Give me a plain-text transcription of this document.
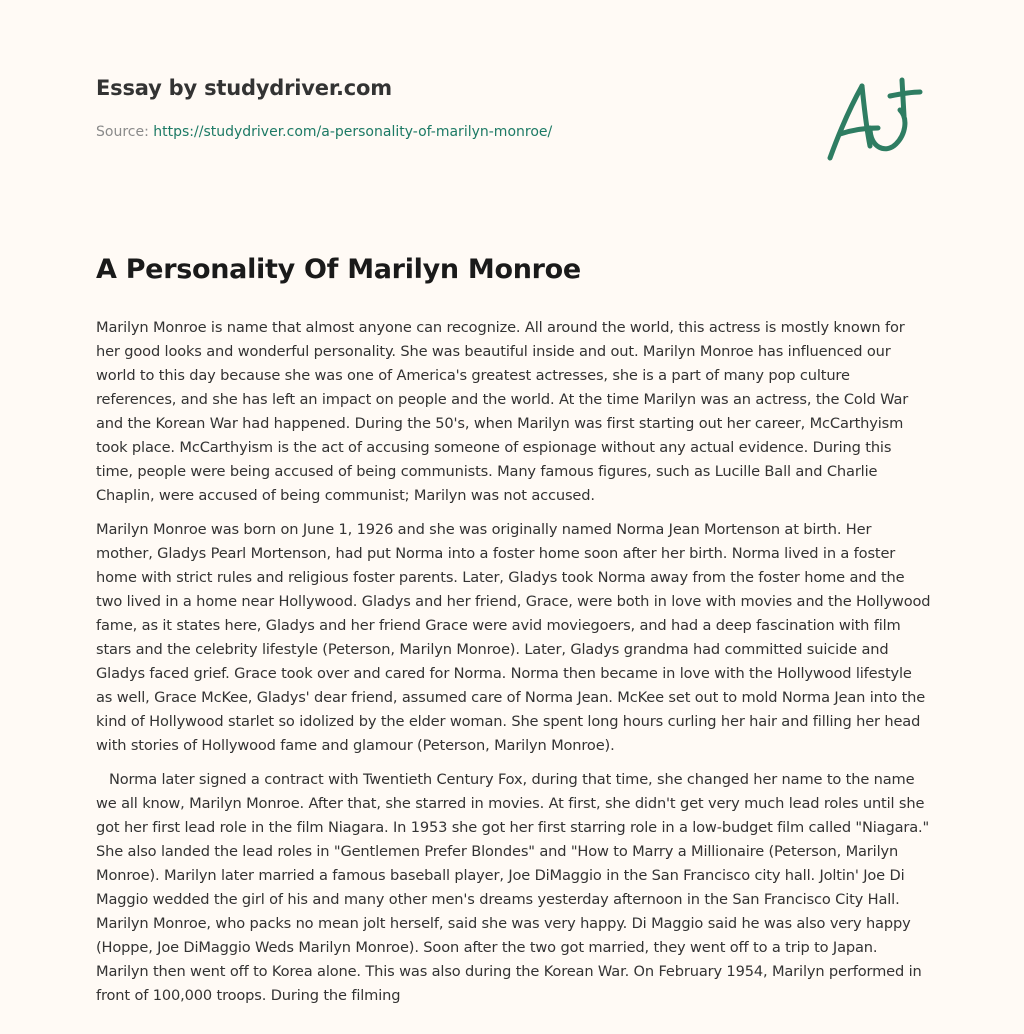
Essay by studydriver.com
Source: https://studydriver.com/a-personality-of-marilyn-monroe/
A Personality Of Marilyn Monroe

Marilyn Monroe is name that almost anyone can recognize. All around the world, this actress is mostly known for her good looks and wonderful personality. She was beautiful inside and out. Marilyn Monroe has influenced our world to this day because she was one of America's greatest actresses, she is a part of many pop culture references, and she has left an impact on people and the world. At the time Marilyn was an actress, the Cold War and the Korean War had happened. During the 50's, when Marilyn was first starting out her career, McCarthyism took place. McCarthyism is the act of accusing someone of espionage without any actual evidence. During this time, people were being accused of being communists. Many famous figures, such as Lucille Ball and Charlie Chaplin, were accused of being communist; Marilyn was not accused.

Marilyn Monroe was born on June 1, 1926 and she was originally named Norma Jean Mortenson at birth. Her mother, Gladys Pearl Mortenson, had put Norma into a foster home soon after her birth. Norma lived in a foster home with strict rules and religious foster parents. Later, Gladys took Norma away from the foster home and the two lived in a home near Hollywood. Gladys and her friend, Grace, were both in love with movies and the Hollywood fame, as it states here, Gladys and her friend Grace were avid moviegoers, and had a deep fascination with film stars and the celebrity lifestyle (Peterson, Marilyn Monroe). Later, Gladys grandma had committed suicide and Gladys faced grief. Grace took over and cared for Norma. Norma then became in love with the Hollywood lifestyle as well, Grace McKee, Gladys' dear friend, assumed care of Norma Jean. McKee set out to mold Norma Jean into the kind of Hollywood starlet so idolized by the elder woman. She spent long hours curling her hair and filling her head with stories of Hollywood fame and glamour (Peterson, Marilyn Monroe).

Norma later signed a contract with Twentieth Century Fox, during that time, she changed her name to the name we all know, Marilyn Monroe. After that, she starred in movies. At first, she didn't get very much lead roles until she got her first lead role in the film Niagara. In 1953 she got her first starring role in a low-budget film called "Niagara." She also landed the lead roles in "Gentlemen Prefer Blondes" and "How to Marry a Millionaire (Peterson, Marilyn Monroe). Marilyn later married a famous baseball player, Joe DiMaggio in the San Francisco city hall. Joltin' Joe Di Maggio wedded the girl of his and many other men's dreams yesterday afternoon in the San Francisco City Hall. Marilyn Monroe, who packs no mean jolt herself, said she was very happy. Di Maggio said he was also very happy (Hoppe, Joe DiMaggio Weds Marilyn Monroe). Soon after the two got married, they went off to a trip to Japan. Marilyn then went off to Korea alone. This was also during the Korean War. On February 1954, Marilyn performed in front of 100,000 troops. During the filming
